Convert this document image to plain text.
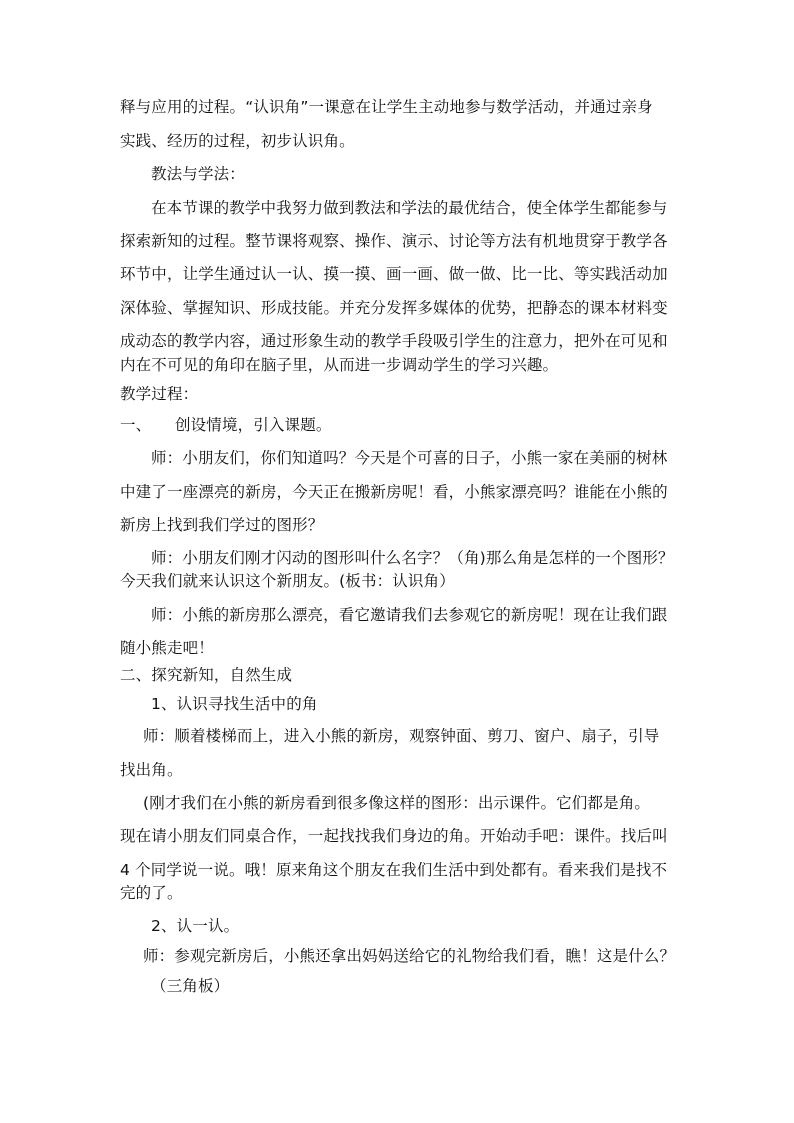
释与应用的过程。“认识角”一课意在让学生主动地参与数学活动，并通过亲身
实践、经历的过程，初步认识角。
教法与学法：
在本节课的教学中我努力做到教法和学法的最优结合，使全体学生都能参与
探索新知的过程。整节课将观察、操作、演示、讨论等方法有机地贯穿于教学各
环节中，让学生通过认一认、摸一摸、画一画、做一做、比一比、等实践活动加
深体验、掌握知识、形成技能。并充分发挥多媒体的优势，把静态的课本材料变
成动态的教学内容，通过形象生动的教学手段吸引学生的注意力，把外在可见和
内在不可见的角印在脑子里，从而进一步调动学生的学习兴趣。
教学过程：
一、 创设情境，引入课题。
师：小朋友们，你们知道吗？今天是个可喜的日子，小熊一家在美丽的树林
中建了一座漂亮的新房，今天正在搬新房呢！看，小熊家漂亮吗？谁能在小熊的
新房上找到我们学过的图形？
师：小朋友们刚才闪动的图形叫什么名字？（角)那么角是怎样的一个图形？
今天我们就来认识这个新朋友。(板书：认识角）
师：小熊的新房那么漂亮，看它邀请我们去参观它的新房呢！现在让我们跟
随小熊走吧！
二、探究新知，自然生成
1、认识寻找生活中的角
师：顺着楼梯而上，进入小熊的新房，观察钟面、剪刀、窗户、扇子，引导
找出角。
(刚才我们在小熊的新房看到很多像这样的图形：出示课件。它们都是角。
现在请小朋友们同桌合作，一起找找我们身边的角。开始动手吧：课件。找后叫
4 个同学说一说。哦！原来角这个朋友在我们生活中到处都有。看来我们是找不
完的了。
2、认一认。
师：参观完新房后，小熊还拿出妈妈送给它的礼物给我们看，瞧！这是什么？
（三角板）
